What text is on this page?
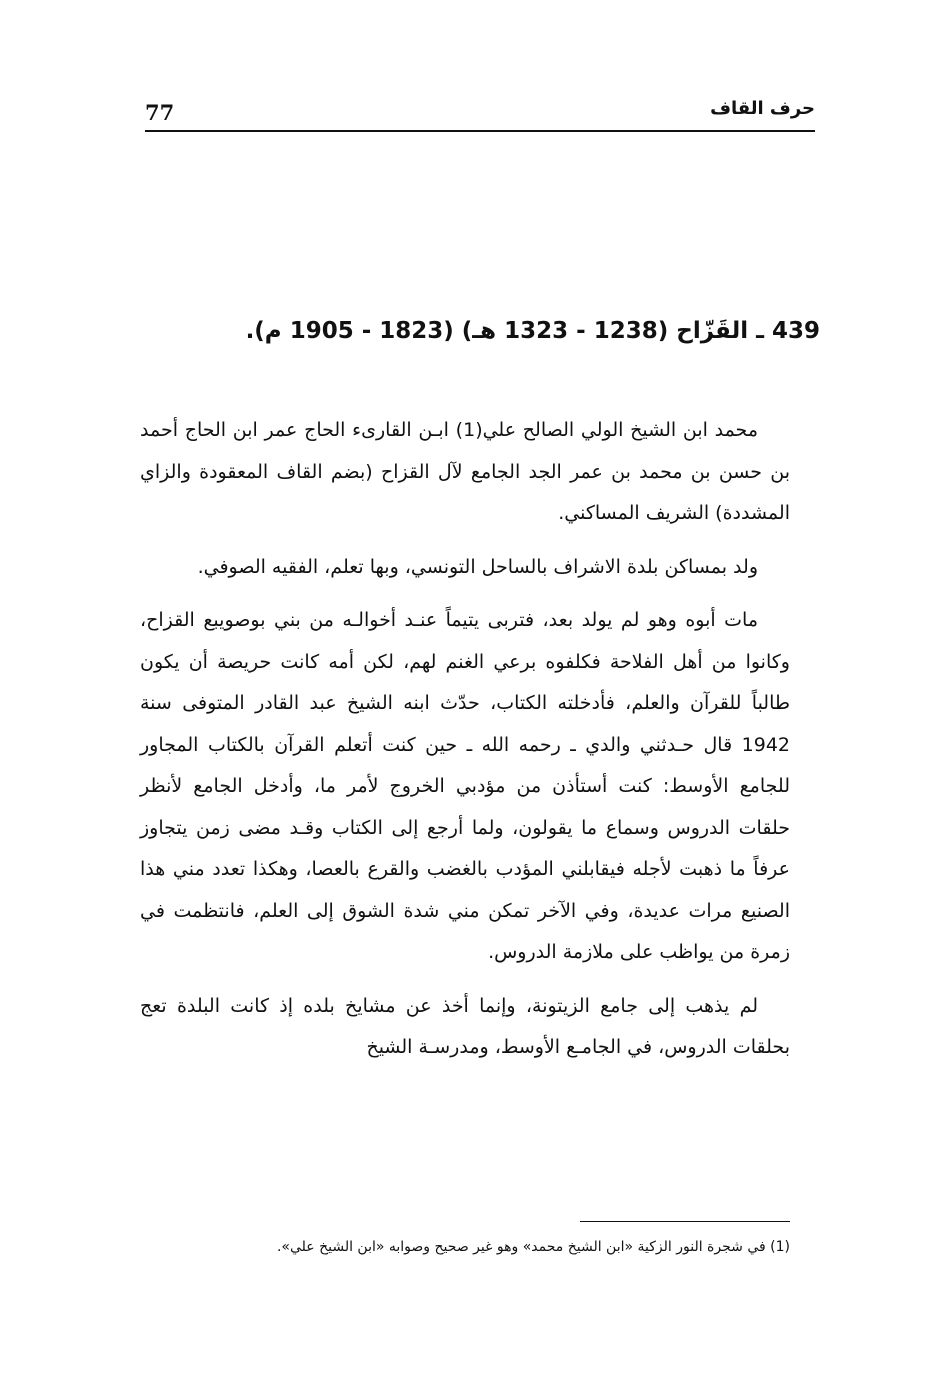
77	حرف القاف
439 ـ القَزّاح (1238 - 1323 هـ) (1823 - 1905 م).

محمد ابن الشيخ الولي الصالح علي(1) ابـن القارىء الحاج عمر ابن الحاج أحمد بن حسن بن محمد بن عمر الجد الجامع لآل القزاح (بضم القاف المعقودة والزاي المشددة) الشريف المساكني.

ولد بمساكن بلدة الاشراف بالساحل التونسي، وبها تعلم، الفقيه الصوفي.

مات أبوه وهو لم يولد بعد، فتربى يتيماً عنـد أخوالـه من بني بوصويبع القزاح، وكانوا من أهل الفلاحة فكلفوه برعي الغنم لهم، لكن أمه كانت حريصة أن يكون طالباً للقرآن والعلم، فأدخلته الكتاب، حدّث ابنه الشيخ عبد القادر المتوفى سنة 1942 قال حـدثني والدي ـ رحمه الله ـ حين كنت أتعلم القرآن بالكتاب المجاور للجامع الأوسط: كنت أستأذن من مؤدبي الخروج لأمر ما، وأدخل الجامع لأنظر حلقات الدروس وسماع ما يقولون، ولما أرجع إلى الكتاب وقـد مضى زمن يتجاوز عرفاً ما ذهبت لأجله فيقابلني المؤدب بالغضب والقرع بالعصا، وهكذا تعدد مني هذا الصنيع مرات عديدة، وفي الآخر تمكن مني شدة الشوق إلى العلم، فانتظمت في زمرة من يواظب على ملازمة الدروس.

لم يذهب إلى جامع الزيتونة، وإنما أخذ عن مشايخ بلده إذ كانت البلدة تعج بحلقات الدروس، في الجامـع الأوسط، ومدرسـة الشيخ

(1) في شجرة النور الزكية «ابن الشيخ محمد» وهو غير صحيح وصوابه «ابن الشيخ علي».
